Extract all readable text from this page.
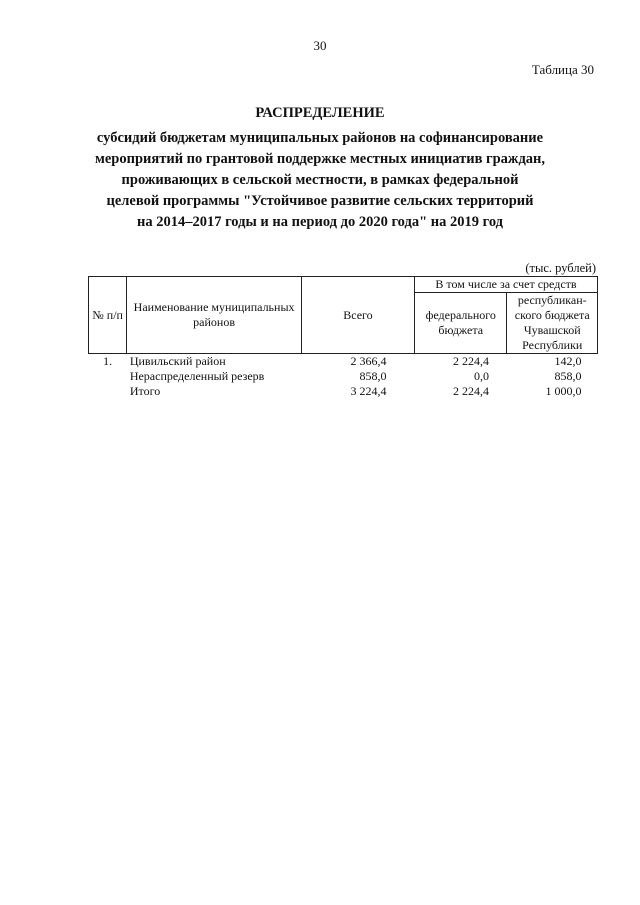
30
Таблица 30
РАСПРЕДЕЛЕНИЕ
субсидий бюджетам муниципальных районов на софинансирование
мероприятий по грантовой поддержке местных инициатив граждан,
проживающих в сельской местности, в рамках федеральной
целевой программы "Устойчивое развитие сельских территорий
на 2014–2017 годы и на период до 2020 года" на 2019 год
(тыс. рублей)
№ п/п	Наименование муниципальных районов	Всего	В том числе за счет средств	
			федерального бюджета	республикан-ского бюджета Чувашской Республики
1.	Цивильский район	2 366,4	2 224,4	142,0
	Нераспределенный резерв	858,0	0,0	858,0
	Итого	3 224,4	2 224,4	1 000,0
